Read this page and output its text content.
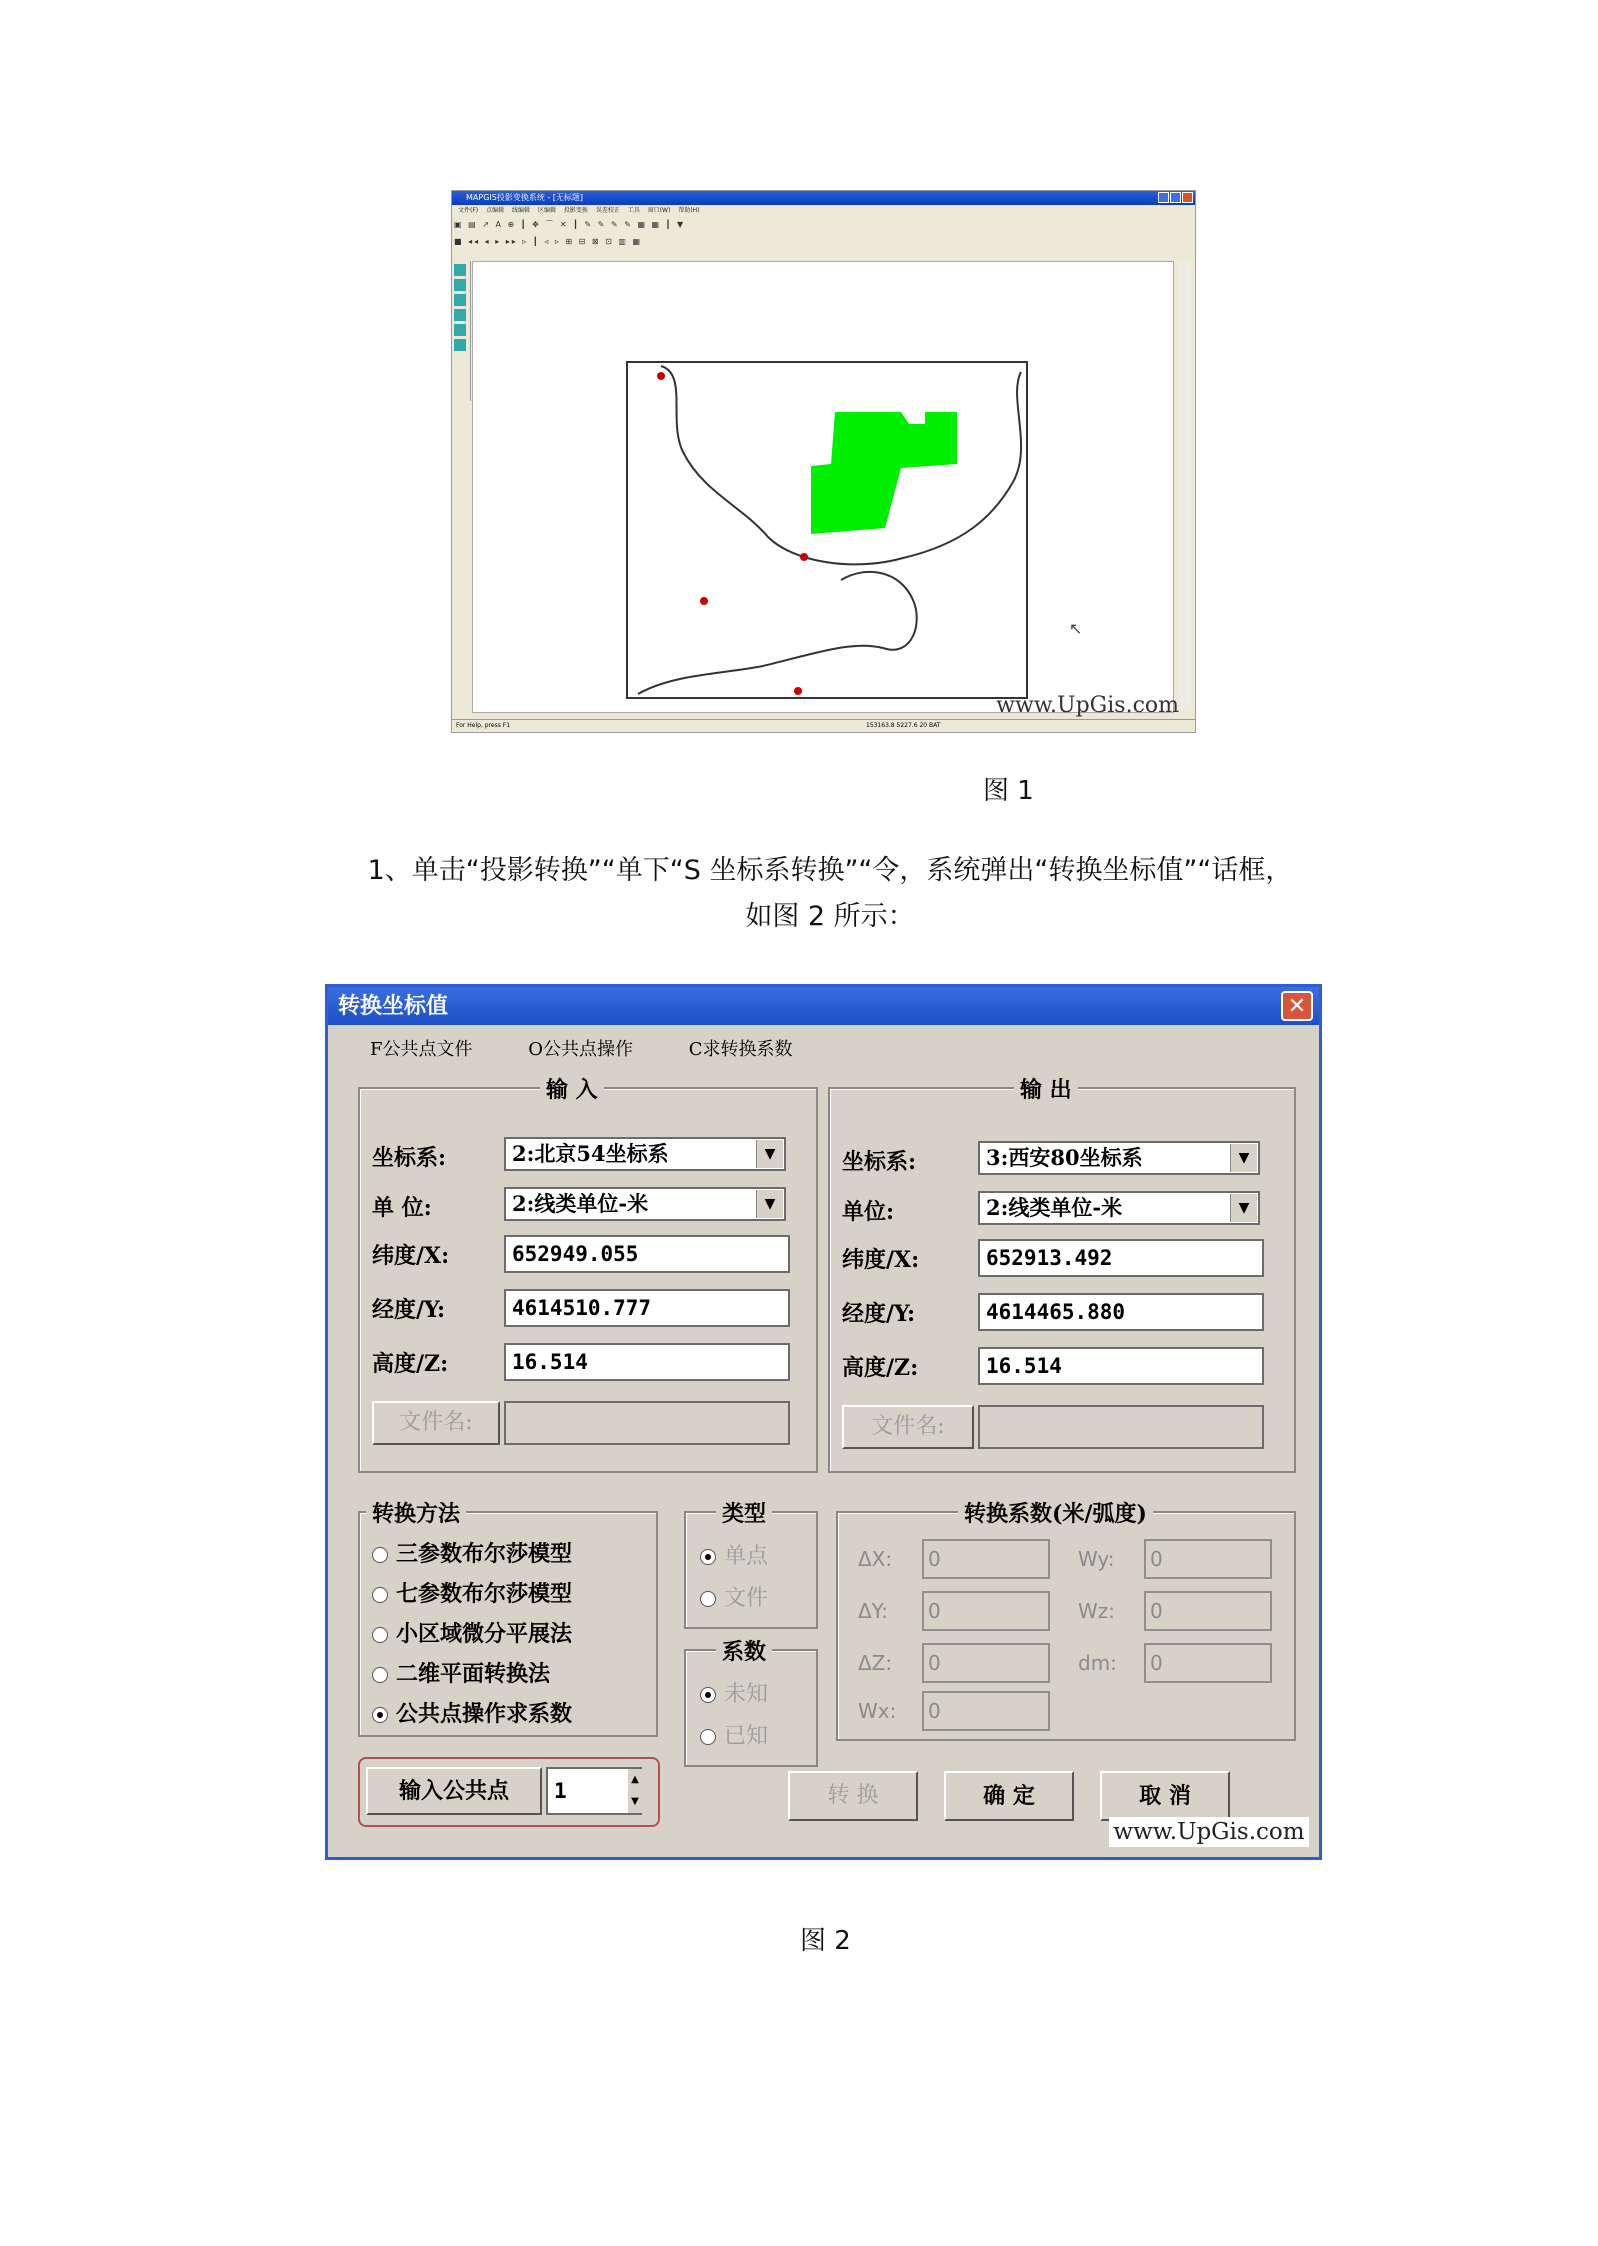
MAPGIS投影变换系统 - [无标题]
文件(F) 点编辑 线编辑 区编辑 投影变换 误差校正 工具 窗口(W) 帮助(H)
▣ ▤ ↗ A ⊕ ┃ ✥ ⌒ ✕ ┃ ✎ ✎ ✎ ✎ ▦ ▦ ┃ ▼
■ ◂◂ ◂ ▸ ▸▸ ▹ ┃ ◃ ▹ ⊞ ⊟ ⊠ ⊡ ▥ ▦
↖
www.UpGis.com
For Help, press F1	153163.8 5227.6 20 BAT
图 1
1、单击“投影转换”“单下“S 坐标系转换”“令，系统弹出“转换坐标值”“话框，
如图 2 所示：
转换坐标值	✕
F公共点文件	O公共点操作	C求转换系数
输 入
坐标系:	2:北京54坐标系	▼
单 位:	2:线类单位-米	▼
纬度/X:	652949.055
经度/Y:	4614510.777
高度/Z:	16.514
文件名:
输 出
坐标系:	3:西安80坐标系	▼
单位:	2:线类单位-米	▼
纬度/X:	652913.492
经度/Y:	4614465.880
高度/Z:	16.514
文件名:
转换方法
三参数布尔莎模型
七参数布尔莎模型
小区域微分平展法
二维平面转换法
公共点操作求系数
类型
单点
文件
系数
未知
已知
转换系数(米/弧度)
ΔX:	0
ΔY:	0
ΔZ:	0
Wx:	0
Wy:	0
Wz:	0
dm:	0
输入公共点	1	▲
▼	转 换	确 定	取 消
www.UpGis.com
图 2
